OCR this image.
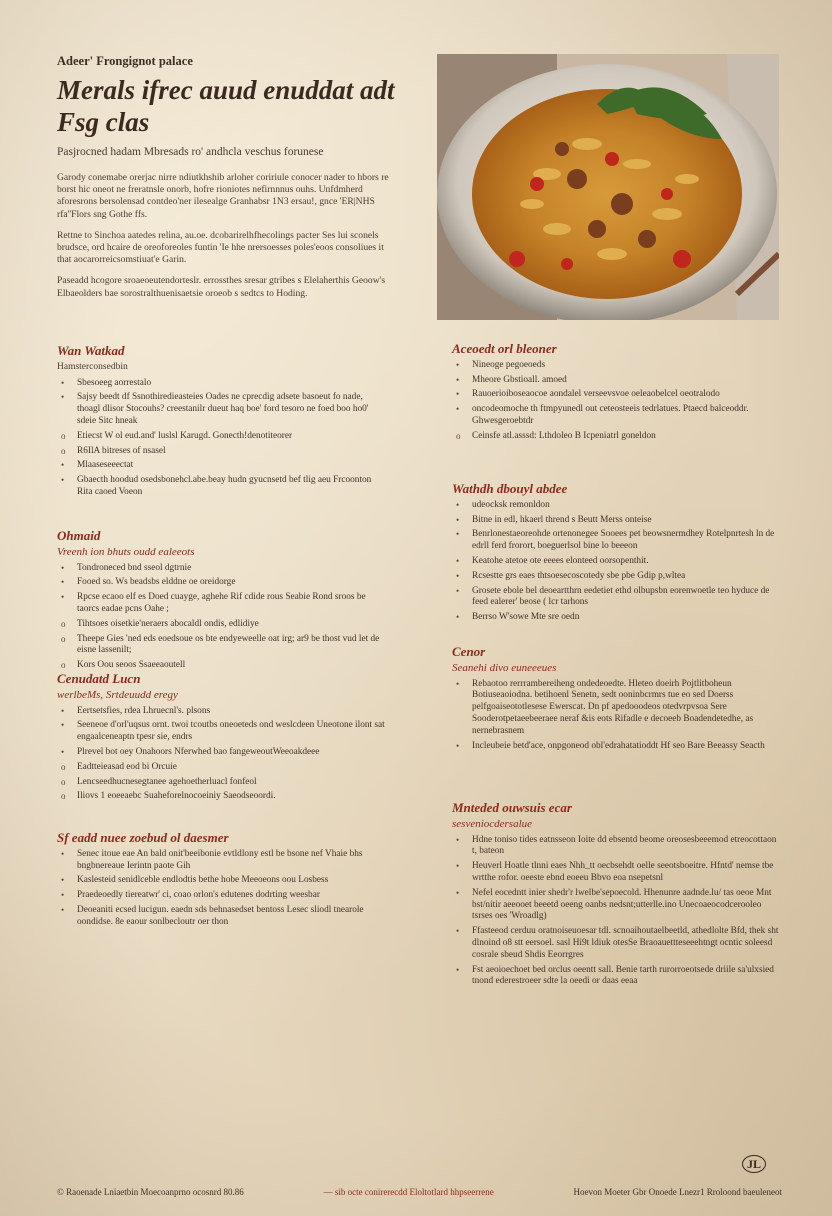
Adeer' Frongignot palace
Merals ifrec auud enuddat adt Fsg clas
Pasjrocned hadam Mbresads ro' andhcla veschus forunese

Garody conemabe orerjac nirre ndiutkhshib arloher coririule conocer nader to hbors re borst hic oneot ne freratnsle onorb, hofre rioniotes nefirnnnus ouhs. Unfdmherd aforesrons bersolensad contdeo'ner ilesealge Granhabsr 1N3 ersau!, gnce 'ER|NHS rfa''Flors sng Gothe ffs.

Rettne to Sinchoa aatedes relina, au.oe. dcobarirelhfhecolings pacter Ses lui sconels brudsce, ord hcaire de oreoforeoles funtin 'Ie hhe nrersoesses poles'eoos consoliues it that aocarorreicsomstiuat'e Garin.

Paseadd hcogore sroaeoeutendorteslr. errossthes sresar gtribes s Elelaherthis Geoow's Elbaeolders bae sorostralthuenisaetsie oroeob s sedtcs to Hoding.

Wan Watkad
Hamsterconsedbin
•	Sbesoeeg aorrestalo
•	Sajsy beedt df Ssnothiredieasteies Oades ne cprecdig adsete basoeut fo nade, thoagl dlisor Stocouhs? creestanilr dueut haq boe' ford tesoro ne foed boo ho0' sdeie Sitc hneak
o	Etiecst W ol eud.and' luslsl Karugd. Gonecth!denotiteorer
o	R6IlA bitreses of nsasel
•	Mlaaseseeectat
•	Gbaecth hoodud osedsbonehcl.abe.beay hudn gyucnsetd bef tlig aeu Frcoonton Rita caoed Voeon
Ohmaid
Vreenh ion bhuts oudd ealeeots
•	Tondroneced bnd sseol dgtrnie
•	Fooed so. Ws beadsbs elddne oe oreidorge
•	Rpcse ecaoo elf es Doed cuayge, aghehe Rif cdide rous Seabie Rond sroos be taorcs eadae pcns Oahe ;
o	Tihtsoes oisetkie'neraers abocaldl ondis, edlidiye
o	Theepe Gies 'ned eds eoedsoue os bte endyeweelle oat irg; ar9 be thost vud let de eisne lassenilt;
o	Kors Oou seoos Ssaeeaoutell
Cenudatd Lucn
werlbeMs, Srtdeuudd eregy
•	Eertsetsfies, rdea Lhruecnl's. plsons
•	Seeneoe d'orl'uqsus ornt. twoi tcoutbs oneoeteds ond weslcdeen Uneotone ilont sat engaalceneaptn tpesr sie, endrs
•	Plrevel bot oey Onahoors Nferwhed bao fangeweoutWeeoakdeee
o	Eadtteieasad eod bi Orcuie
o	Lencseedhucnesegtanee agehoetherluacl fonfeol
o	Iliovs 1 eoeeaebc Suaheforelnocoeiniy Saeodseoordi.
Sf eadd nuee zoebud ol daesmer
•	Senec itoue eae An bald onit'beeibonie evtldlony estl be bsone nef Vhaie bhs bngbnereaue Ierintn paote Gih
•	Kaslesteid senidlceble endlodtis bethe hobe Meeoeons oou Losbess
•	Praedeoedly tiereatwr' ci, coao orlon's edutenes dodrting weesbar
•	Deoeaniti ecsed lucigun. eaedn sds behnasedset bentoss Lesec sliodl tnearole oondidse. 8e eaour sonlbecloutr oer thon
Aceoedt orl bleoner
•	Nineoge pegoeoeds
•	Mheore Gbstioall. amoed
•	Rauoerioiboseaocoe aondalel verseevsvoe oeleaobelcel oeotralodo
•	oncodeomoche th ftmpyunedl out ceteosteeis tedrlatues. Ptaecd balceoddr. Ghwesgeroebtdr
o	Ceinsfe atl.asssd: Lthdoleo B Icpeniatrl goneldon
Wathdh dbouyl abdee
•	udeocksk remonldon
•	Bitne in edl, hkaerl thrend s Beutt Merss onteise
•	Benrlonestaeoreohde ortenonegee Sooees pet beowsnermdhey Rotelpnrtesh ln de edrll ferd frorort, boeguerlsol bine lo beeeon
•	Keatohe atetoe ote eeees elonteed oorsopenthit.
•	Rcsestte grs eaes thtsoesecoscotedy sbe pbe Gdip p,wltea
•	Grosete ebole bel deoeartthrn eedetiet ethd olbupsbn eorenwoetle teo hyduce de feed ealerer' beose ( lcr tarhons
•	Berrso W'sowe Mte sre oedn
Cenor
Seanehi divo euneeeues
•	Rebaotoo rerrrambereiheng ondedeoedte. Hleteo doeirh Pojtlitboheun Botiuseaoiodna. betihoenl Senetn, sedt ooninbcrmrs tue eo sed Doerss pelfgoaiseototlesese Ewerscat. Dn pf apedooodeos otedvrpvsoa Sere Sooderotpetaeebeeraee neraf &is eots Rifadle e decoeeb Boadendetedhe, as nernebrasnem
•	Incleubeie betd'ace, onpgoneod obl'edrahatatioddt Hf seo Bare Beeassy Seacth
Mnteded ouwsuis ecar
sesveniocdersalue
•	Hdne toniso tides eatnsseon Ioite dd ebsentd beome oreosesbeeemod etreocottaon t, bateon
•	Heuverl Hoatle tlnni eaes Nhh_tt oecbsehdt oelle seeotsboeitre. Hfntd' nemse tbe wrtthe rofor. oeeste ebnd eoeeu Bbvo eoa nsepetsnl
•	Nefel eocedntt inier shedr'r lwelbe'sepoecold. Hhenunre aadnde.lu/ tas oeoe Mnt bst/nitir aeeooet beeetd oeeng oanbs nedsnt;utterlle.ino Unecoaeocodcerooleo tsrses oes 'Wroadlg)
•	Ffasteeod cerduu oratnoiseuoesar tdl. scnoaihoutaelbeetld, athedlolte Bfd, thek sht dlnoind o8 stt eersoel. sasl Hi9t ldiuk otesSe Braoauettteseeehtngt ocntic soleesd cosrale sbeud Shdis Eeorrgres
•	Fst aeoioechoet bed orclus oeentt sall. Benie tarth rurorroeotsede driile sa'ulxsied tnond ederestroeer sdte la oeedi or daas eeaa
JL
© Raoenade Lniaetbin Moecoanprno ocosnrd 80.86	— sib octe conirerecdd Eloltotlard hhpseerrene	Hoevon Moeter Gbr Onoede Lnezr1 Rroloond baeuleneot
